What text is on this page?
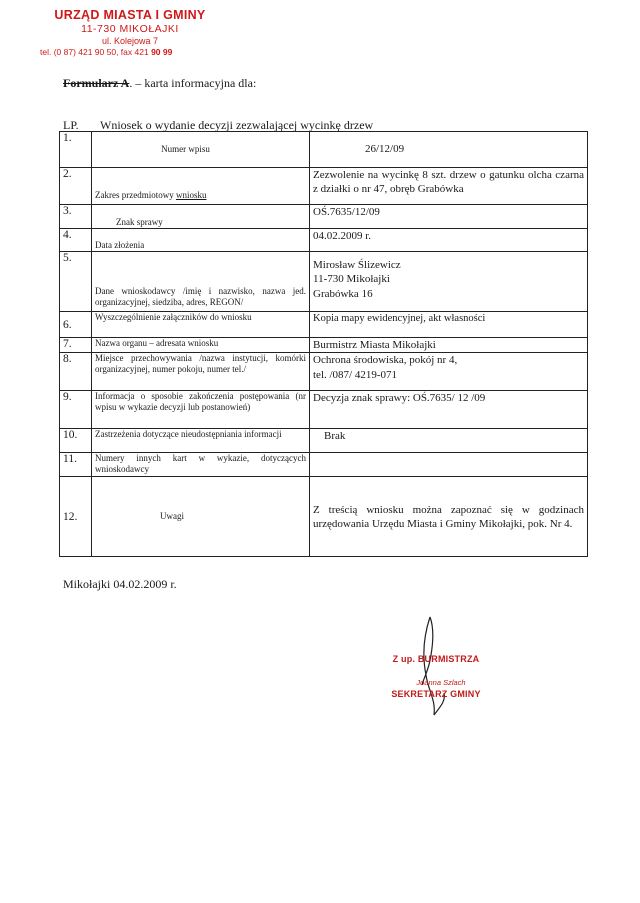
URZĄD MIASTA I GMINY
11-730 MIKOŁAJKI
ul. Kolejowa 7
tel. (0 87) 421 90 50, fax 421 90 99
Formularz A. – karta informacyjna dla:
LP. Wniosek o wydanie decyzji zezwalającej wycinkę drzew
1.	Numer wpisu	26/12/09
2.	Zakres przedmiotowy wniosku	Zezwolenie na wycinkę 8 szt. drzew o gatunku olcha czarna z działki o nr 47, obręb Grabówka
3.	Znak sprawy	OŚ.7635/12/09
4.	Data złożenia	04.02.2009 r.
5.	Dane wnioskodawcy /imię i nazwisko, nazwa jed. organizacyjnej, siedziba, adres, REGON/	Mirosław Ślizewicz
11-730 Mikołajki
Grabówka 16

6.	Wyszczególnienie załączników do wniosku	Kopia mapy ewidencyjnej, akt własności
7.	Nazwa organu – adresata wniosku	Burmistrz Miasta Mikołajki
8.	Miejsce przechowywania /nazwa instytucji, komórki organizacyjnej, numer pokoju, numer tel./	Ochrona środowiska, pokój nr 4,
tel. /087/ 4219-071

9.	Informacja o sposobie zakończenia postępowania (nr wpisu w wykazie decyzji lub postanowień)	Decyzja znak sprawy: OŚ.7635/ 12 /09
10.	Zastrzeżenia dotyczące nieudostępniania informacji	Brak
11.	Numery innych kart w wykazie, dotyczących wnioskodawcy	
12.	Uwagi	Z treścią wniosku można zapoznać się w godzinach urzędowania Urzędu Miasta i Gminy Mikołajki, pok. Nr 4.
Mikołajki 04.02.2009 r.
Z up. BURMISTRZA
Joanna Szlach
SEKRETARZ GMINY
